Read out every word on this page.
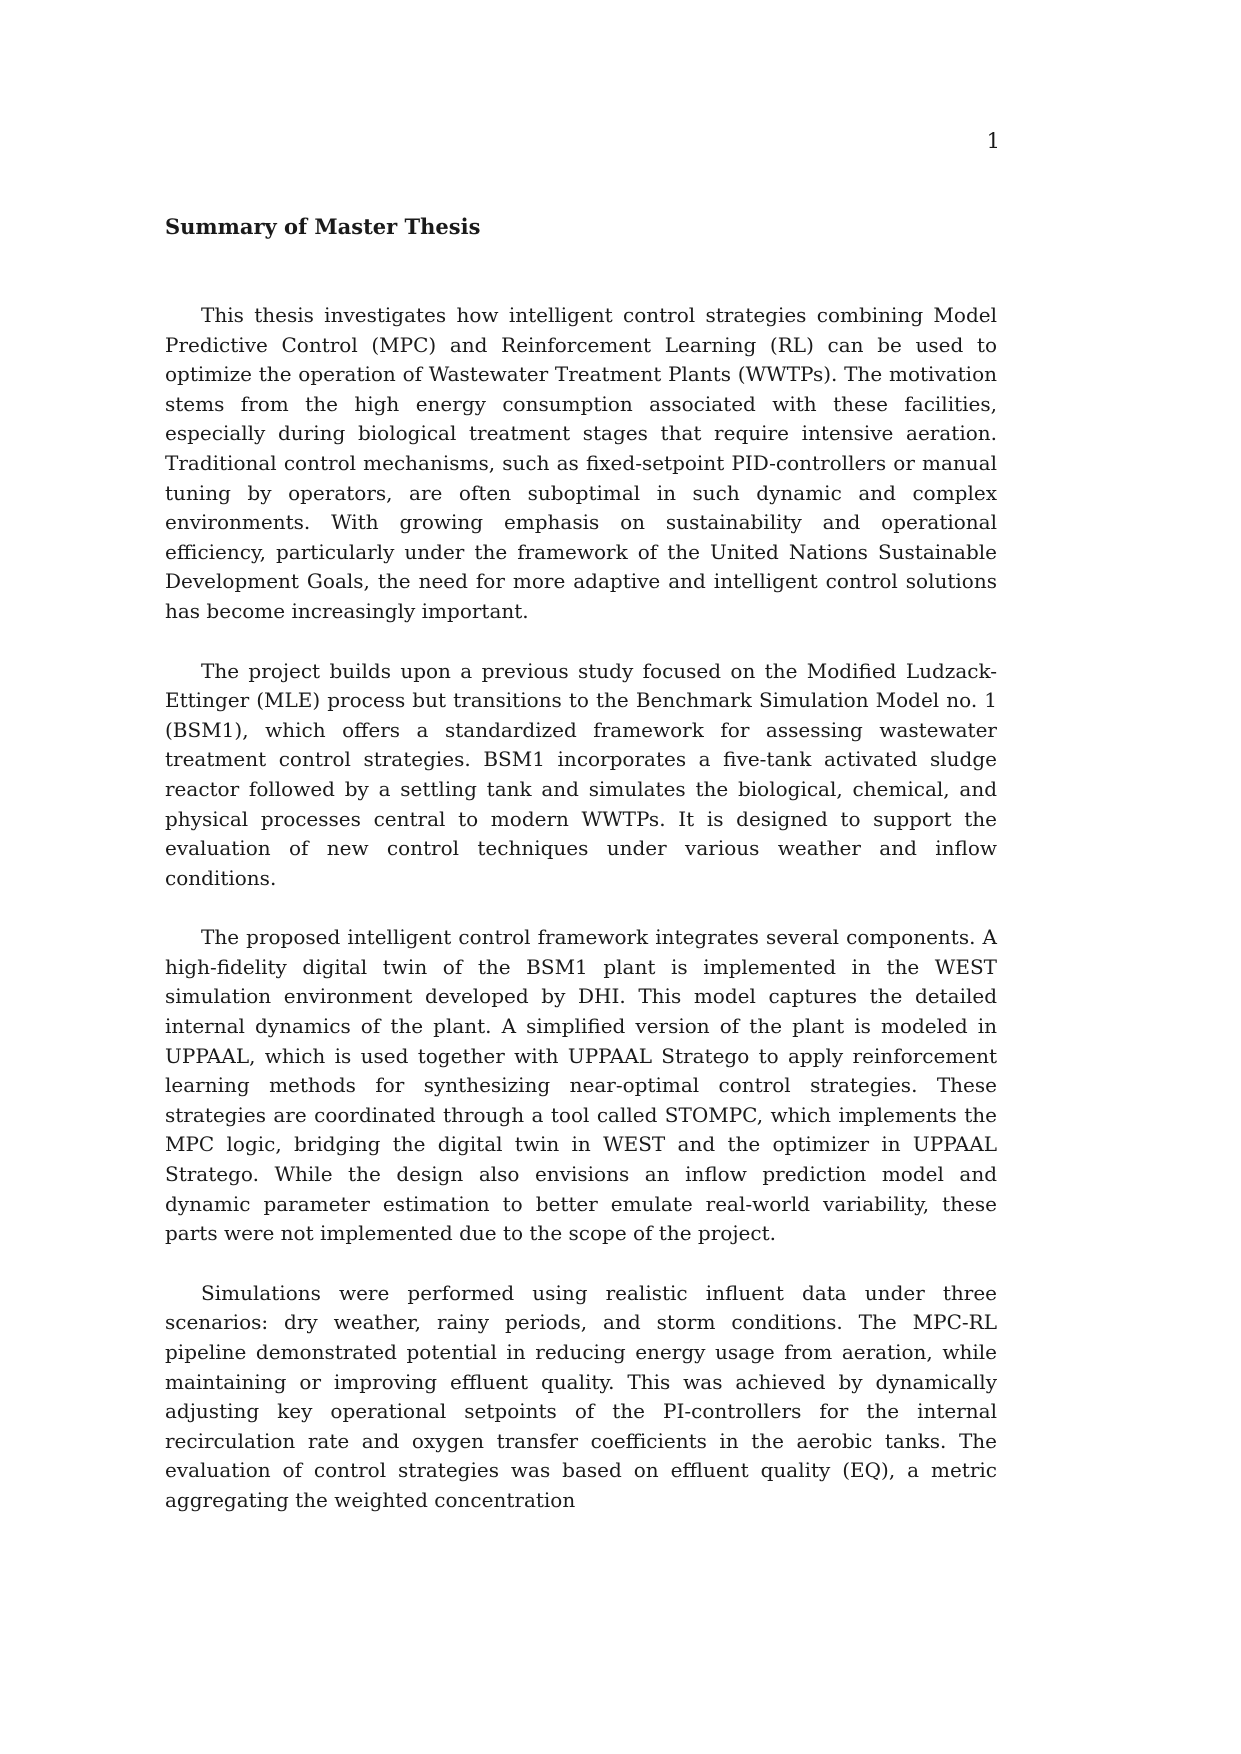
1

Summary of Master Thesis

This thesis investigates how intelligent control strategies combining Model Predictive Control (MPC) and Reinforcement Learning (RL) can be used to optimize the operation of Wastewater Treatment Plants (WWTPs). The motivation stems from the high energy consumption associated with these facilities, especially during biological treatment stages that require intensive aeration. Traditional control mechanisms, such as fixed-setpoint PID-controllers or manual tuning by operators, are often suboptimal in such dynamic and complex environments. With growing emphasis on sustainability and operational efficiency, particularly under the framework of the United Nations Sustainable Development Goals, the need for more adaptive and intelligent control solutions has become increasingly important.

The project builds upon a previous study focused on the Modified Ludzack-Ettinger (MLE) process but transitions to the Benchmark Simulation Model no. 1 (BSM1), which offers a standardized framework for assessing wastewater treatment control strategies. BSM1 incorporates a five-tank activated sludge reactor followed by a settling tank and simulates the biological, chemical, and physical processes central to modern WWTPs. It is designed to support the evaluation of new control techniques under various weather and inflow conditions.

The proposed intelligent control framework integrates several components. A high-fidelity digital twin of the BSM1 plant is implemented in the WEST simulation environment developed by DHI. This model captures the detailed internal dynamics of the plant. A simplified version of the plant is modeled in UPPAAL, which is used together with UPPAAL Stratego to apply reinforcement learning methods for synthesizing near-optimal control strategies. These strategies are coordinated through a tool called STOMPC, which implements the MPC logic, bridging the digital twin in WEST and the optimizer in UPPAAL Stratego. While the design also envisions an inflow prediction model and dynamic parameter estimation to better emulate real-world variability, these parts were not implemented due to the scope of the project.

Simulations were performed using realistic influent data under three scenarios: dry weather, rainy periods, and storm conditions. The MPC-RL pipeline demonstrated potential in reducing energy usage from aeration, while maintaining or improving effluent quality. This was achieved by dynamically adjusting key operational setpoints of the PI-controllers for the internal recirculation rate and oxygen transfer coefficients in the aerobic tanks. The evaluation of control strategies was based on effluent quality (EQ), a metric aggregating the weighted concentration
